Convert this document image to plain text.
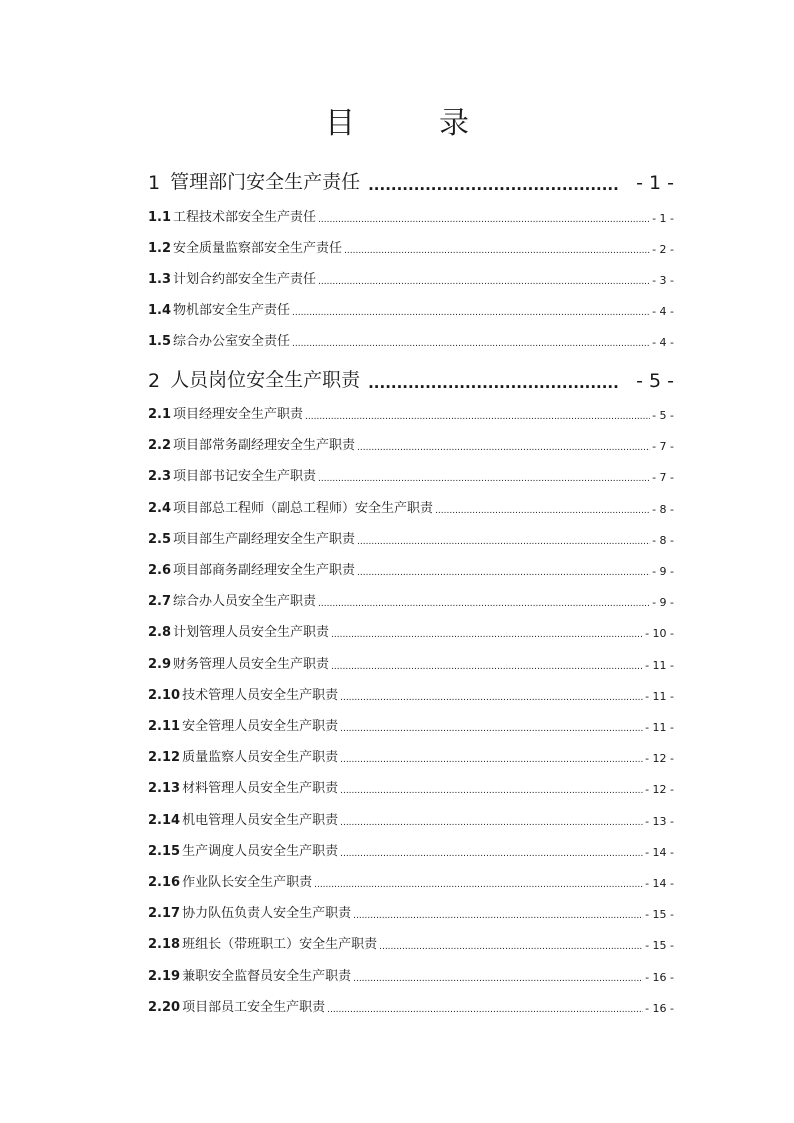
目	录
1 管理部门安全生产责任 .....	- 1 -
1.1 工程技术部安全生产责任 .....	- 1 -
1.2 安全质量监察部安全生产责任 .....	- 2 -
1.3 计划合约部安全生产责任 .....	- 3 -
1.4 物机部安全生产责任 .....	- 4 -
1.5 综合办公室安全责任 .....	- 4 -
2 人员岗位安全生产职责 .....	- 5 -
2.1 项目经理安全生产职责 .....	- 5 -
2.2 项目部常务副经理安全生产职责 .....	- 7 -
2.3 项目部书记安全生产职责 .....	- 7 -
2.4 项目部总工程师（副总工程师）安全生产职责 .....	- 8 -
2.5 项目部生产副经理安全生产职责 .....	- 8 -
2.6 项目部商务副经理安全生产职责 .....	- 9 -
2.7 综合办人员安全生产职责 .....	- 9 -
2.8 计划管理人员安全生产职责 .....	- 10 -
2.9 财务管理人员安全生产职责 .....	- 11 -
2.10 技术管理人员安全生产职责 .....	- 11 -
2.11 安全管理人员安全生产职责 .....	- 11 -
2.12 质量监察人员安全生产职责 .....	- 12 -
2.13 材料管理人员安全生产职责 .....	- 12 -
2.14 机电管理人员安全生产职责 .....	- 13 -
2.15 生产调度人员安全生产职责 .....	- 14 -
2.16 作业队长安全生产职责 .....	- 14 -
2.17 协力队伍负责人安全生产职责 .....	- 15 -
2.18 班组长（带班职工）安全生产职责 .....	- 15 -
2.19 兼职安全监督员安全生产职责 .....	- 16 -
2.20 项目部员工安全生产职责 .....	- 16 -
